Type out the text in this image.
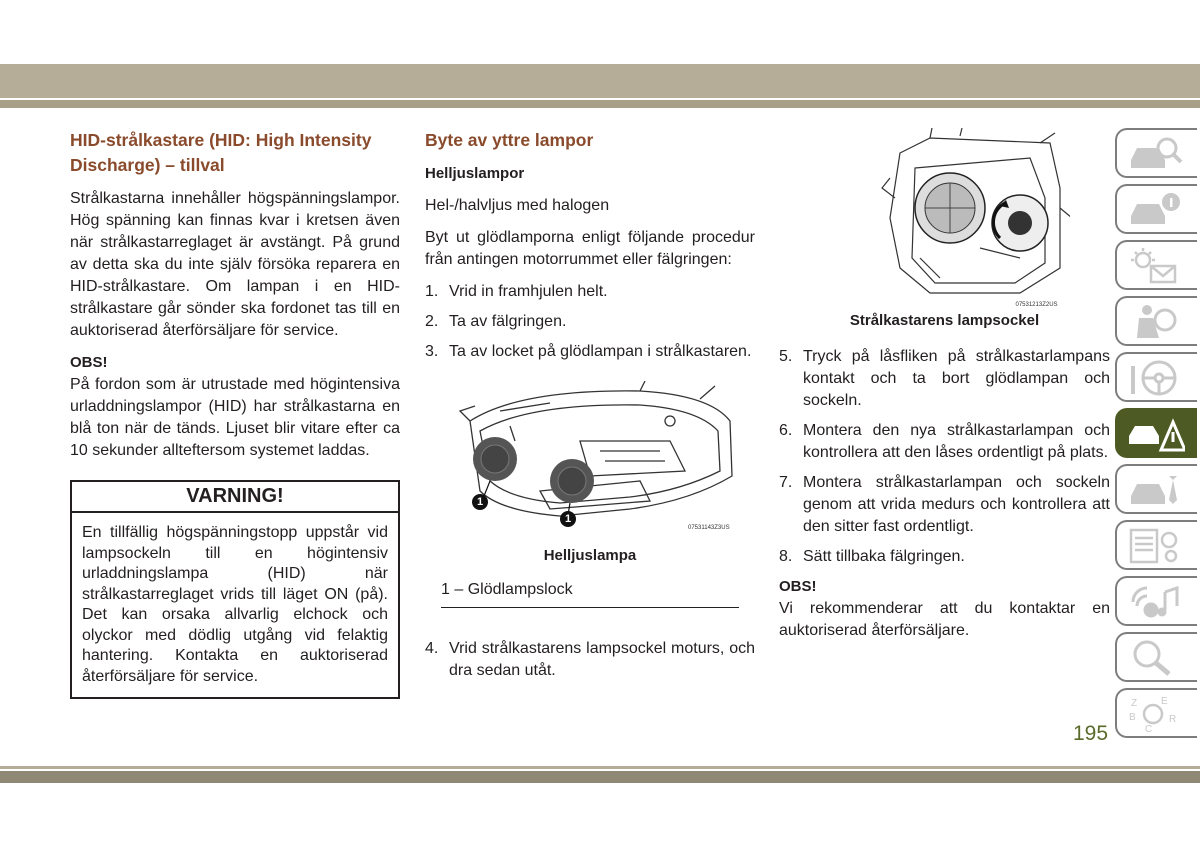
HID-strålkastare (HID: High Intensity Discharge) – tillval

Strålkastarna innehåller högspänningslampor. Hög spänning kan finnas kvar i kretsen även när strålkastarreglaget är avstängt. På grund av detta ska du inte själv försöka reparera en HID-strålkastare. Om lampan i en HID-strålkastare går sönder ska fordonet tas till en auktoriserad återförsäljare för service.

OBS!

På fordon som är utrustade med högintensiva urladdningslampor (HID) har strålkastarna en blå ton när de tänds. Ljuset blir vitare efter ca 10 sekunder allteftersom systemet laddas.

VARNING!
En tillfällig högspänningstopp uppstår vid lampsockeln till en högintensiv urladdningslampa (HID) när strålkastarreglaget vrids till läget ON (på). Det kan orsaka allvarlig elchock och olyckor med dödlig utgång vid felaktig hantering. Kontakta en auktoriserad återförsäljare för service.
Byte av yttre lampor
Helljuslampor

Hel-/halvljus med halogen

Byt ut glödlamporna enligt följande procedur från antingen motorrummet eller fälgringen:

1. Vrid in framhjulen helt.
2. Ta av fälgringen.
3. Ta av locket på glödlampan i strålkastaren.
1
1
07531143Z3US
Helljuslampa
1 – Glödlampslock
4. Vrid strålkastarens lampsockel moturs, och dra sedan utåt.
07531213Z2US
Strålkastarens lampsockel
5. Tryck på låsfliken på strålkastarlampans kontakt och ta bort glödlampan och sockeln.
6. Montera den nya strålkastarlampan och kontrollera att den låses ordentligt på plats.
7. Montera strålkastarlampan och sockeln genom att vrida medurs och kontrollera att den sitter fast ordentligt.
8. Sätt tillbaka fälgringen.
OBS!

Vi rekommenderar att du kontaktar en auktoriserad återförsäljare.

Z E
B	R
C
195
